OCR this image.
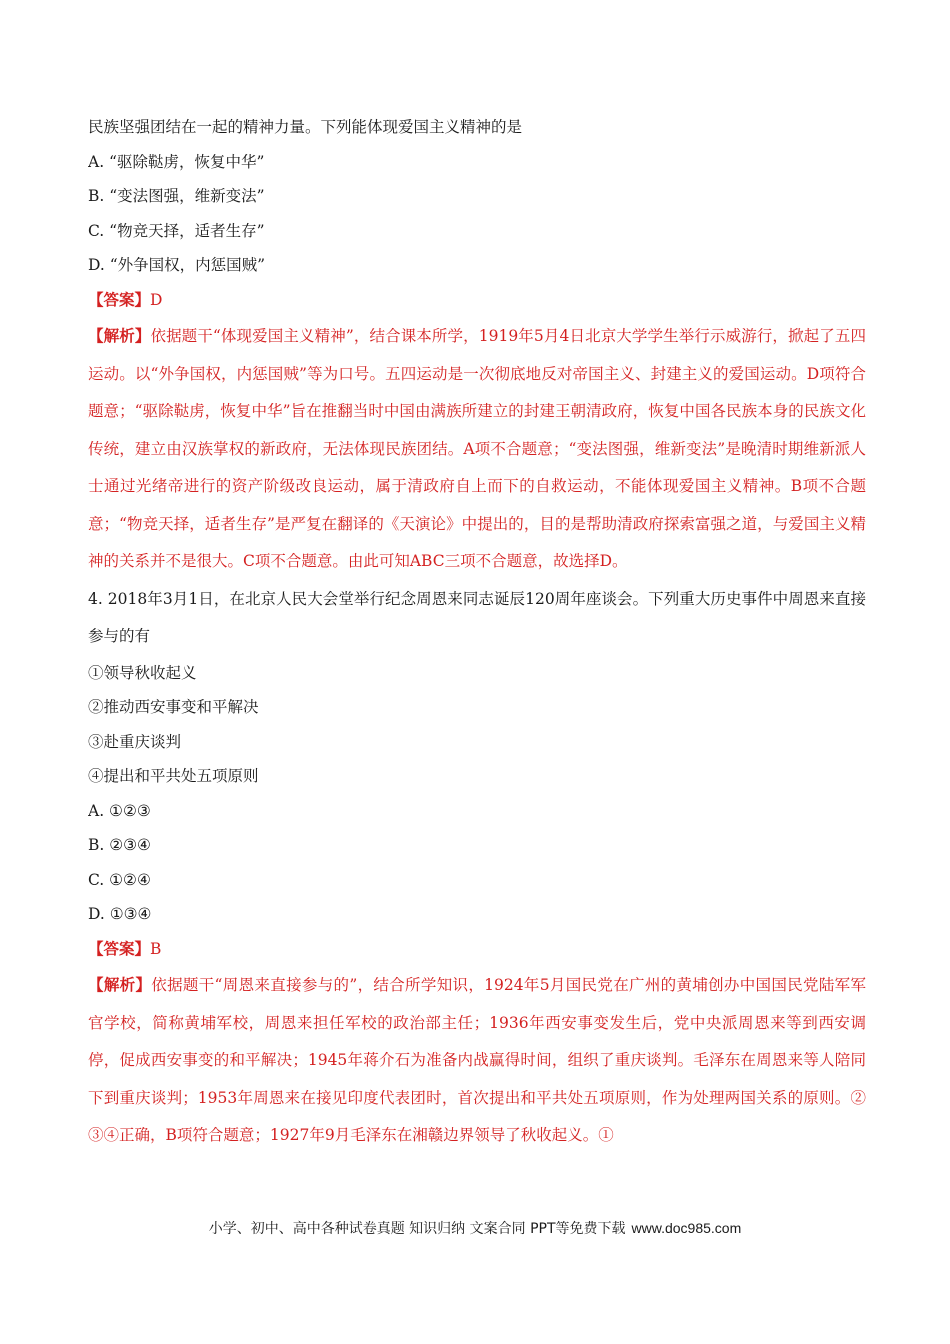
民族坚强团结在一起的精神力量。下列能体现爱国主义精神的是
A. “驱除鞑虏，恢复中华”
B. “变法图强，维新变法”
C. “物竞天择，适者生存”
D. “外争国权，内惩国贼”
【答案】D
【解析】依据题干“体现爱国主义精神”，结合课本所学，1919年5月4日北京大学学生举行示威游行，掀起了五四运动。以“外争国权，内惩国贼”等为口号。五四运动是一次彻底地反对帝国主义、封建主义的爱国运动。D项符合题意；“驱除鞑虏，恢复中华”旨在推翻当时中国由满族所建立的封建王朝清政府，恢复中国各民族本身的民族文化传统，建立由汉族掌权的新政府，无法体现民族团结。A项不合题意；“变法图强，维新变法”是晚清时期维新派人士通过光绪帝进行的资产阶级改良运动，属于清政府自上而下的自救运动，不能体现爱国主义精神。B项不合题意；“物竞天择，适者生存”是严复在翻译的《天演论》中提出的，目的是帮助清政府探索富强之道，与爱国主义精神的关系并不是很大。C项不合题意。由此可知ABC三项不合题意，故选择D。
4. 2018年3月1日，在北京人民大会堂举行纪念周恩来同志诞辰120周年座谈会。下列重大历史事件中周恩来直接参与的有
①领导秋收起义
②推动西安事变和平解决
③赴重庆谈判
④提出和平共处五项原则
A. ①②③
B. ②③④
C. ①②④
D. ①③④
【答案】B
【解析】依据题干“周恩来直接参与的”，结合所学知识，1924年5月国民党在广州的黄埔创办中国国民党陆军军官学校，简称黄埔军校，周恩来担任军校的政治部主任；1936年西安事变发生后，党中央派周恩来等到西安调停，促成西安事变的和平解决；1945年蒋介石为准备内战赢得时间，组织了重庆谈判。毛泽东在周恩来等人陪同下到重庆谈判；1953年周恩来在接见印度代表团时，首次提出和平共处五项原则，作为处理两国关系的原则。②③④正确，B项符合题意；1927年9月毛泽东在湘赣边界领导了秋收起义。①
小学、初中、高中各种试卷真题 知识归纳 文案合同 PPT等免费下载 www.doc985.com
